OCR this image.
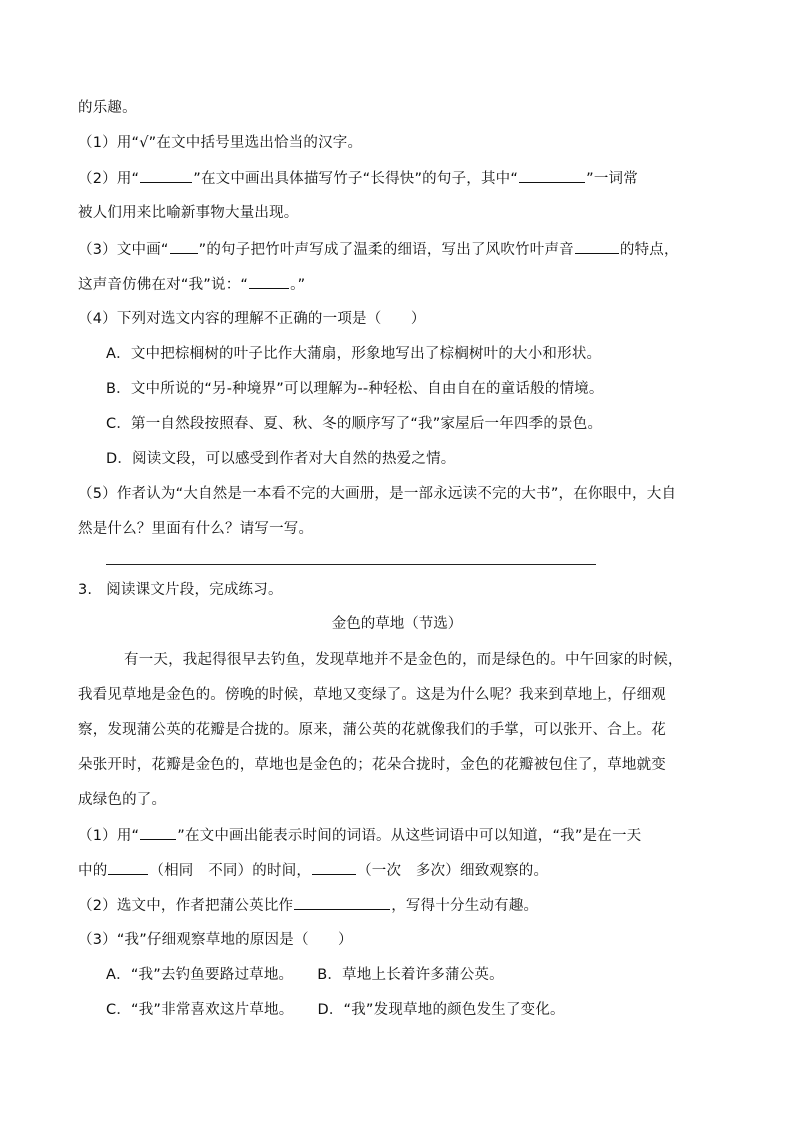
的乐趣。
（1）用“√”在文中括号里选出恰当的汉字。
（2）用“	”在文中画出具体描写竹子“长得快”的句子，其中“	”一词常
被人们用来比喻新事物大量出现。
（3）文中画“ ”的句子把竹叶声写成了温柔的细语，写出了风吹竹叶声音	的特点，
这声音仿佛在对“我”说：“	。”
（4）下列对选文内容的理解不正确的一项是（　　）
A．文中把棕榈树的叶子比作大蒲扇，形象地写出了棕榈树叶的大小和形状。
B．文中所说的“另-种境界”可以理解为--种轻松、自由自在的童话般的情境。
C．第一自然段按照春、夏、秋、冬的顺序写了“我”家屋后一年四季的景色。
D．阅读文段，可以感受到作者对大自然的热爱之情。
（5）作者认为“大自然是一本看不完的大画册，是一部永远读不完的大书”，在你眼中，大自
然是什么？里面有什么？请写一写。
3. 阅读课文片段，完成练习。
金色的草地（节选）
有一天，我起得很早去钓鱼，发现草地并不是金色的，而是绿色的。中午回家的时候，
我看见草地是金色的。傍晚的时候，草地又变绿了。这是为什么呢？我来到草地上，仔细观
察，发现蒲公英的花瓣是合拢的。原来，蒲公英的花就像我们的手掌，可以张开、合上。花
朵张开时，花瓣是金色的，草地也是金色的；花朵合拢时，金色的花瓣被包住了，草地就变
成绿色的了。
（1）用“	”在文中画出能表示时间的词语。从这些词语中可以知道，“我”是在一天
中的	（相同　不同）的时间，	（一次　多次）细致观察的。
（2）选文中，作者把蒲公英比作	，写得十分生动有趣。
（3）“我”仔细观察草地的原因是（　　）
A．“我”去钓鱼要路过草地。 B．草地上长着许多蒲公英。
C．“我”非常喜欢这片草地。 D．“我”发现草地的颜色发生了变化。
